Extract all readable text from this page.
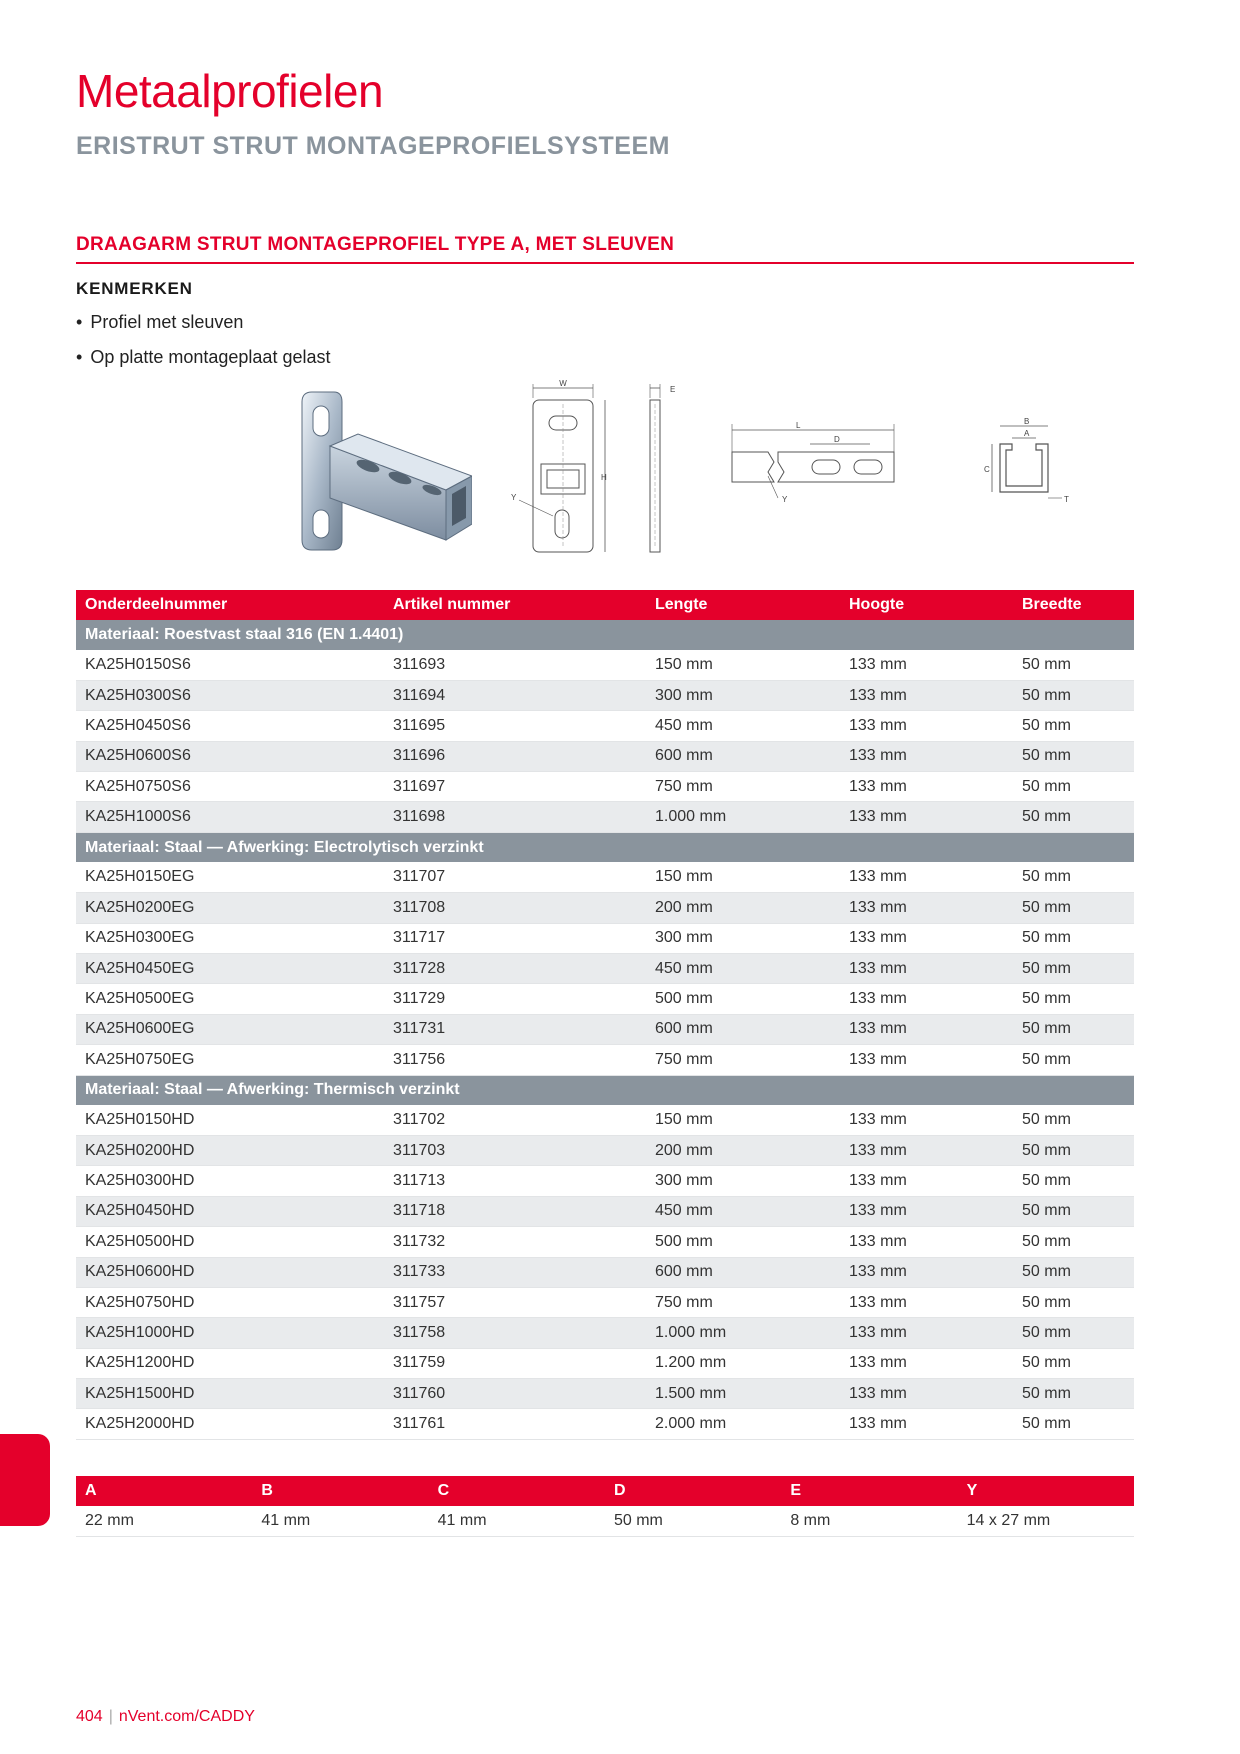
Metaalprofielen
ERISTRUT STRUT MONTAGEPROFIELSYSTEEM
DRAAGARM STRUT MONTAGEPROFIEL TYPE A, MET SLEUVEN
KENMERKEN
• Profiel met sleuven
• Op platte montageplaat gelast
W
H
Y
E
L
D
Y
B
A
C
T
Onderdeelnummer	Artikel nummer	Lengte	Hoogte	Breedte
Materiaal: Roestvast staal 316 (EN 1.4401)				
KA25H0150S6	311693	150 mm	133 mm	50 mm
KA25H0300S6	311694	300 mm	133 mm	50 mm
KA25H0450S6	311695	450 mm	133 mm	50 mm
KA25H0600S6	311696	600 mm	133 mm	50 mm
KA25H0750S6	311697	750 mm	133 mm	50 mm
KA25H1000S6	311698	1.000 mm	133 mm	50 mm
Materiaal: Staal — Afwerking: Electrolytisch verzinkt				
KA25H0150EG	311707	150 mm	133 mm	50 mm
KA25H0200EG	311708	200 mm	133 mm	50 mm
KA25H0300EG	311717	300 mm	133 mm	50 mm
KA25H0450EG	311728	450 mm	133 mm	50 mm
KA25H0500EG	311729	500 mm	133 mm	50 mm
KA25H0600EG	311731	600 mm	133 mm	50 mm
KA25H0750EG	311756	750 mm	133 mm	50 mm
Materiaal: Staal — Afwerking: Thermisch verzinkt				
KA25H0150HD	311702	150 mm	133 mm	50 mm
KA25H0200HD	311703	200 mm	133 mm	50 mm
KA25H0300HD	311713	300 mm	133 mm	50 mm
KA25H0450HD	311718	450 mm	133 mm	50 mm
KA25H0500HD	311732	500 mm	133 mm	50 mm
KA25H0600HD	311733	600 mm	133 mm	50 mm
KA25H0750HD	311757	750 mm	133 mm	50 mm
KA25H1000HD	311758	1.000 mm	133 mm	50 mm
KA25H1200HD	311759	1.200 mm	133 mm	50 mm
KA25H1500HD	311760	1.500 mm	133 mm	50 mm
KA25H2000HD	311761	2.000 mm	133 mm	50 mm
A	B	C	D	E	Y
22 mm	41 mm	41 mm	50 mm	8 mm	14 x 27 mm
404 | nVent.com/CADDY
